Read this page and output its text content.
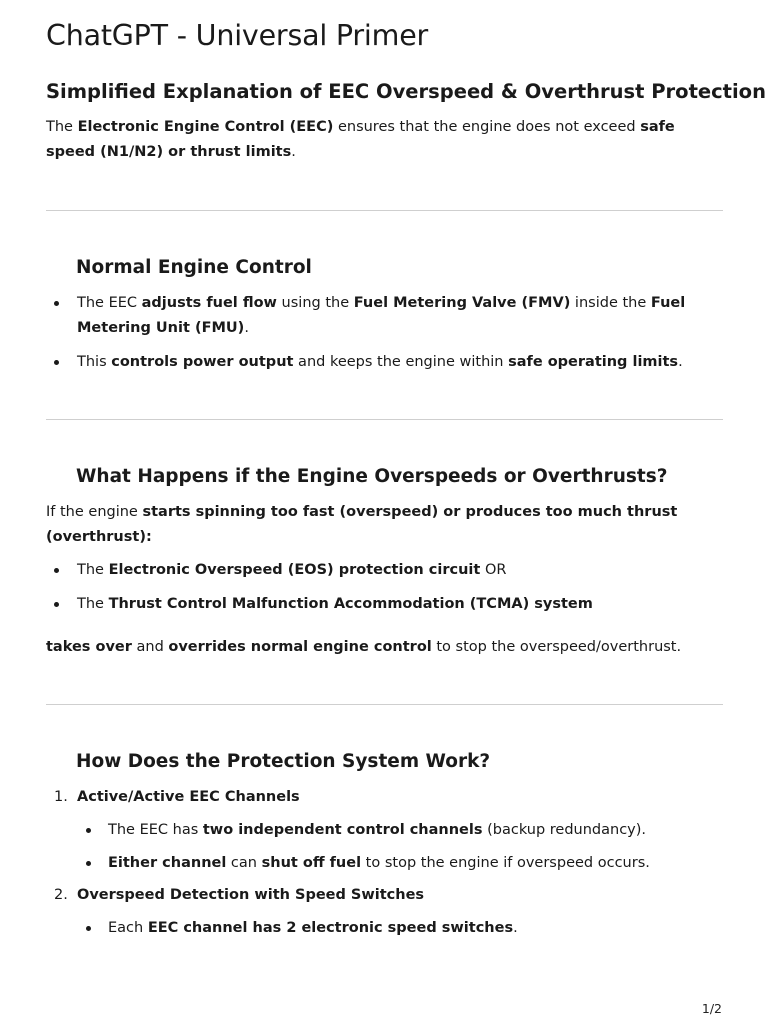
ChatGPT - Universal Primer
Simplified Explanation of EEC Overspeed & Overthrust Protection

The Electronic Engine Control (EEC) ensures that the engine does not exceed safe speed (N1/N2) or thrust limits.

Normal Engine Control

The EEC adjusts fuel flow using the Fuel Metering Valve (FMV) inside the Fuel Metering Unit (FMU).

This controls power output and keeps the engine within safe operating limits.

What Happens if the Engine Overspeeds or Overthrusts?

If the engine starts spinning too fast (overspeed) or produces too much thrust (overthrust):

The Electronic Overspeed (EOS) protection circuit OR

The Thrust Control Malfunction Accommodation (TCMA) system

takes over and overrides normal engine control to stop the overspeed/overthrust.

How Does the Protection System Work?
1. Active/Active EEC Channels

The EEC has two independent control channels (backup redundancy).

Either channel can shut off fuel to stop the engine if overspeed occurs.

2. Overspeed Detection with Speed Switches

Each EEC channel has 2 electronic speed switches.

1/2
